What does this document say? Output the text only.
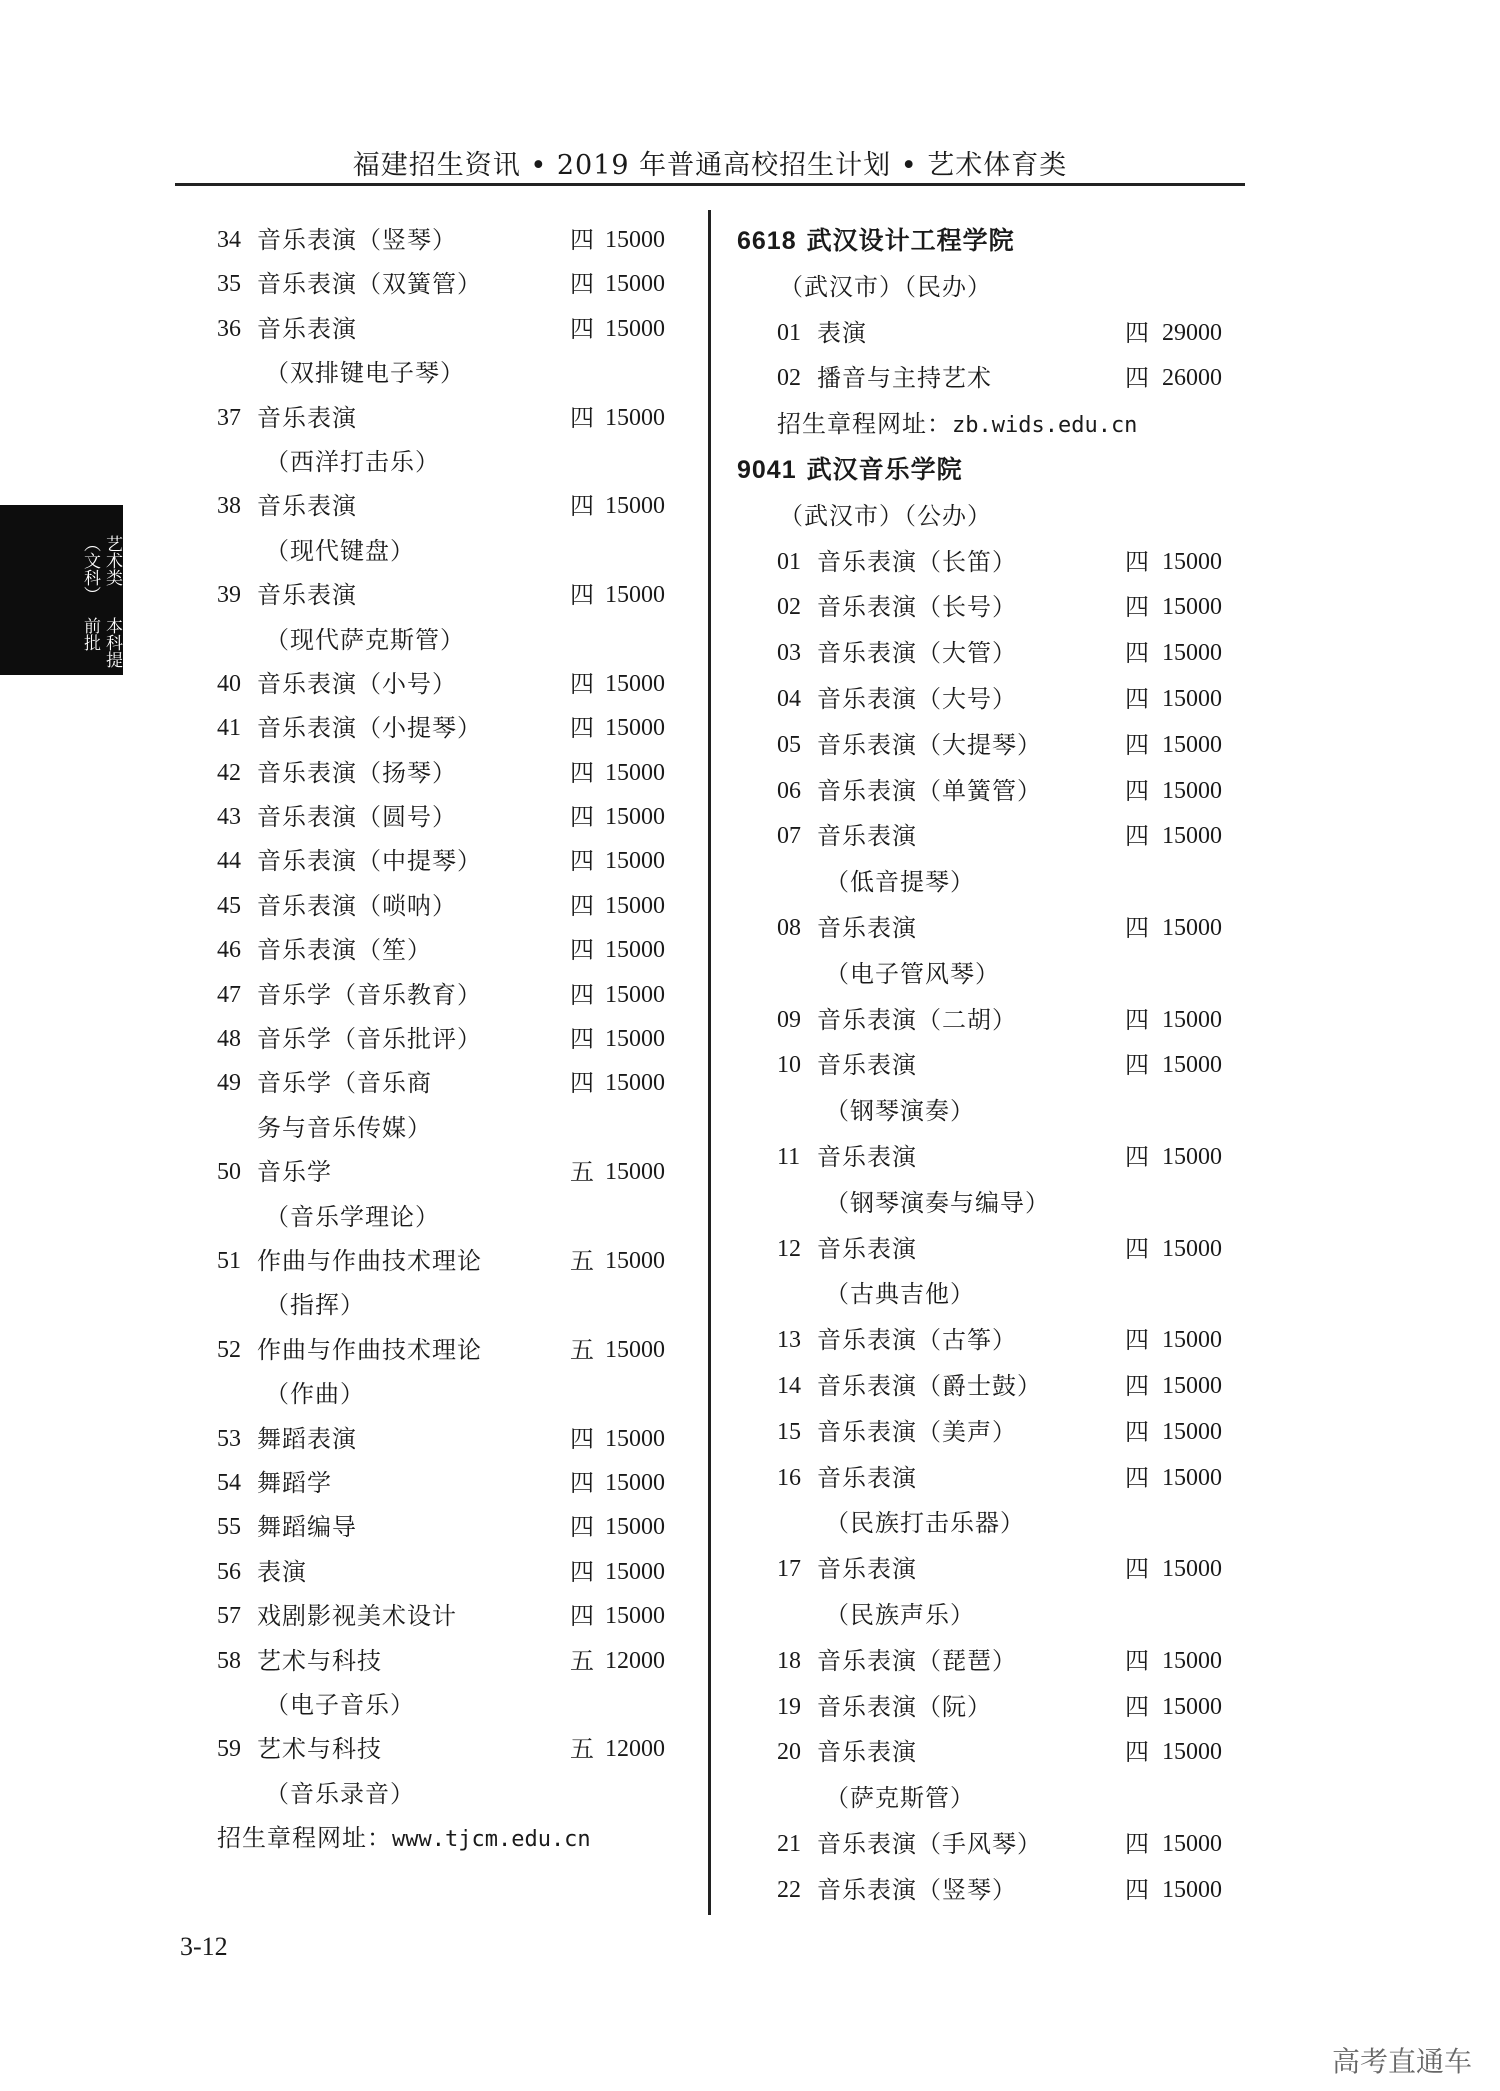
福建招生资讯 • 2019 年普通高校招生计划 • 艺术体育类
艺术类（文科）
本科提前批
34 音乐表演（竖琴）	四 15000
35 音乐表演（双簧管）	四 15000
36 音乐表演	四 15000
（双排键电子琴）
37 音乐表演	四 15000
（西洋打击乐）
38 音乐表演	四 15000
（现代键盘）
39 音乐表演	四 15000
（现代萨克斯管）
40 音乐表演（小号）	四 15000
41 音乐表演（小提琴）	四 15000
42 音乐表演（扬琴）	四 15000
43 音乐表演（圆号）	四 15000
44 音乐表演（中提琴）	四 15000
45 音乐表演（唢呐）	四 15000
46 音乐表演（笙）	四 15000
47 音乐学（音乐教育）	四 15000
48 音乐学（音乐批评）	四 15000
49 音乐学（音乐商	四 15000
务与音乐传媒）
50 音乐学	五 15000
（音乐学理论）
51 作曲与作曲技术理论	五 15000
（指挥）
52 作曲与作曲技术理论	五 15000
（作曲）
53 舞蹈表演	四 15000
54 舞蹈学	四 15000
55 舞蹈编导	四 15000
56 表演	四 15000
57 戏剧影视美术设计	四 15000
58 艺术与科技	五 12000
（电子音乐）
59 艺术与科技	五 12000
（音乐录音）
招生章程网址：www.tjcm.edu.cn
6618 武汉设计工程学院
（武汉市）（民办）
01 表演	四 29000
02 播音与主持艺术	四 26000
招生章程网址：zb.wids.edu.cn
9041 武汉音乐学院
（武汉市）（公办）
01 音乐表演（长笛）	四 15000
02 音乐表演（长号）	四 15000
03 音乐表演（大管）	四 15000
04 音乐表演（大号）	四 15000
05 音乐表演（大提琴）	四 15000
06 音乐表演（单簧管）	四 15000
07 音乐表演	四 15000
（低音提琴）
08 音乐表演	四 15000
（电子管风琴）
09 音乐表演（二胡）	四 15000
10 音乐表演	四 15000
（钢琴演奏）
11 音乐表演	四 15000
（钢琴演奏与编导）
12 音乐表演	四 15000
（古典吉他）
13 音乐表演（古筝）	四 15000
14 音乐表演（爵士鼓）	四 15000
15 音乐表演（美声）	四 15000
16 音乐表演	四 15000
（民族打击乐器）
17 音乐表演	四 15000
（民族声乐）
18 音乐表演（琵琶）	四 15000
19 音乐表演（阮）	四 15000
20 音乐表演	四 15000
（萨克斯管）
21 音乐表演（手风琴）	四 15000
22 音乐表演（竖琴）	四 15000
3-12
高考直通车
